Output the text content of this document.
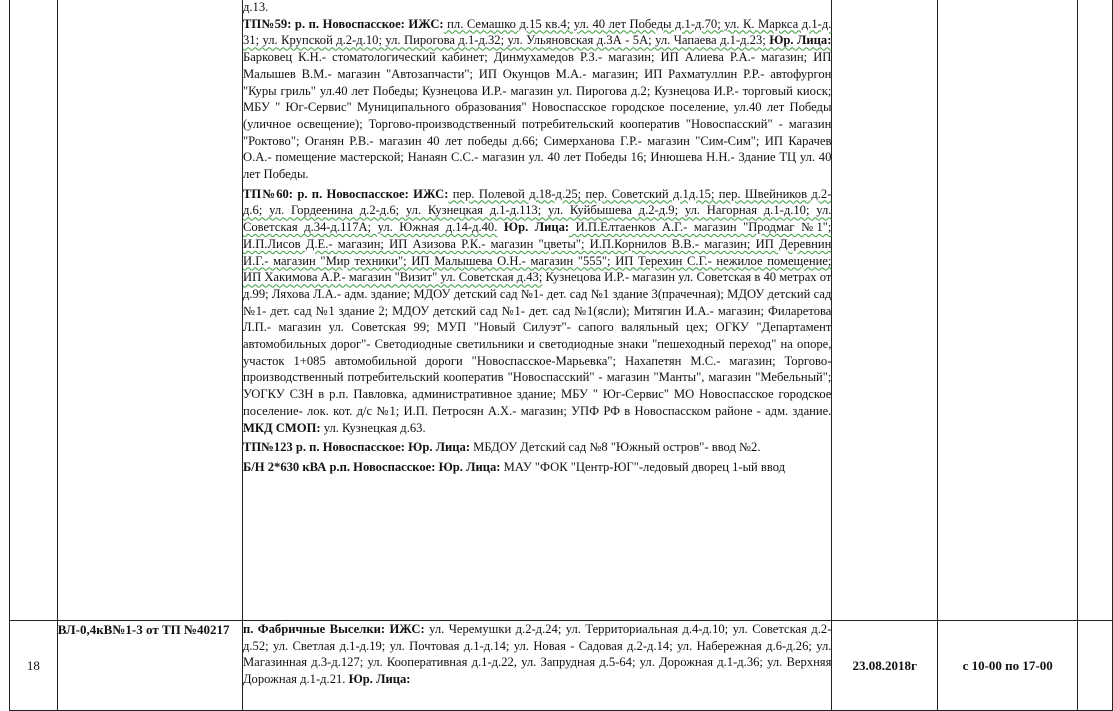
		д.13.
ТП№59: р. п. Новоспасское: ИЖС: пл. Семашко д.15 кв.4; ул. 40 лет Победы д.1-д.70; ул. К. Маркса д.1-д. 31; ул. Крупской д.2-д.10; ул. Пирогова д.1-д.32; ул. Ульяновская д.3А - 5А; ул. Чапаева д.1-д.23; Юр. Лица: Барковец К.Н.- стоматологический кабинет; Динмухамедов Р.З.- магазин; ИП Алиева Р.А.- магазин; ИП Малышев В.М.- магазин "Автозапчасти"; ИП Окунцов М.А.- магазин; ИП Рахматуллин Р.Р.- автофургон "Куры гриль" ул.40 лет Победы; Кузнецова И.Р.- магазин ул. Пирогова д.2; Кузнецова И.Р.- торговый киоск; МБУ " Юг-Сервис" Муниципального образования" Новоспасское городское поселение, ул.40 лет Победы (уличное освещение); Торгово-производственный потребительский кооператив "Новоспасский" - магазин "Роктово"; Оганян Р.В.- магазин 40 лет победы д.66; Симерханова Г.Р.- магазин "Сим-Сим"; ИП Карачев О.А.- помещение мастерской; Нанаян С.С.- магазин ул. 40 лет Победы 16; Инюшева Н.Н.- Здание ТЦ ул. 40 лет Победы.
ТП№60: р. п. Новоспасское: ИЖС: пер. Полевой д.18-д.25; пер. Советский д.1д.15; пер. Швейников д.2-д.6; ул. Гордеенина д.2-д.6; ул. Кузнецкая д.1-д.113; ул. Куйбышева д.2-д.9; ул. Нагорная д.1-д.10; ул. Советская д.34-д.117А; ул. Южная д.14-д.40. Юр. Лица: И.П.Елтаенков А.Г.- магазин "Продмаг №1"; И.П.Лисов Д.Е.- магазин; ИП Азизова Р.К.- магазин "цветы"; И.П.Корнилов В.В.- магазин; ИП Деревнин И.Г.- магазин "Мир техники"; ИП Малышева О.Н.- магазин "555"; ИП Терехин С.Г.- нежилое помещение; ИП Хакимова А.Р.- магазин "Визит" ул. Советская д.43; Кузнецова И.Р.- магазин ул. Советская в 40 метрах от д.99; Ляхова Л.А.- адм. здание; МДОУ детский сад №1- дет. сад №1 здание 3(прачечная); МДОУ детский сад №1- дет. сад №1 здание 2; МДОУ детский сад №1- дет. сад №1(ясли); Митягин И.А.- магазин; Филаретова Л.П.- магазин ул. Советская 99; МУП "Новый Силуэт"- сапого валяльный цех; ОГКУ "Департамент автомобильных дорог"- Светодиодные светильники и светодиодные знаки "пешеходный переход" на опоре, участок 1+085 автомобильной дороги "Новоспасское-Марьевка"; Нахапетян М.С.- магазин; Торгово-производственный потребительский кооператив "Новоспасский" - магазин "Манты", магазин "Мебельный"; УОГКУ СЗН в р.п. Павловка, административное здание; МБУ " Юг-Сервис" МО Новоспасское городское поселение- лок. кот. д/с №1; И.П. Петросян А.Х.- магазин; УПФ РФ в Новоспасском районе - адм. здание. МКД СМОП: ул. Кузнецкая д.63.
ТП№123 р. п. Новоспасское: Юр. Лица: МБДОУ Детский сад №8 "Южный остров"- ввод №2.
Б/Н 2*630 кВА р.п. Новоспасское: Юр. Лица: МАУ "ФОК "Центр-ЮГ"-ледовый дворец 1-ый ввод			

18	ВЛ-0,4кВ№1-3 от ТП №40217	п. Фабричные Выселки: ИЖС: ул. Черемушки д.2-д.24; ул. Территориальная д.4-д.10; ул. Советская д.2-д.52; ул. Светлая д.1-д.19; ул. Почтовая д.1-д.14; ул. Новая - Садовая д.2-д.14; ул. Набережная д.6-д.26; ул. Магазинная д.3-д.127; ул. Кооперативная д.1-д.22, ул. Запрудная д.5-64; ул. Дорожная д.1-д.36; ул. Верхняя Дорожная д.1-д.21. Юр. Лица:	23.08.2018г	с 10-00 по 17-00	
